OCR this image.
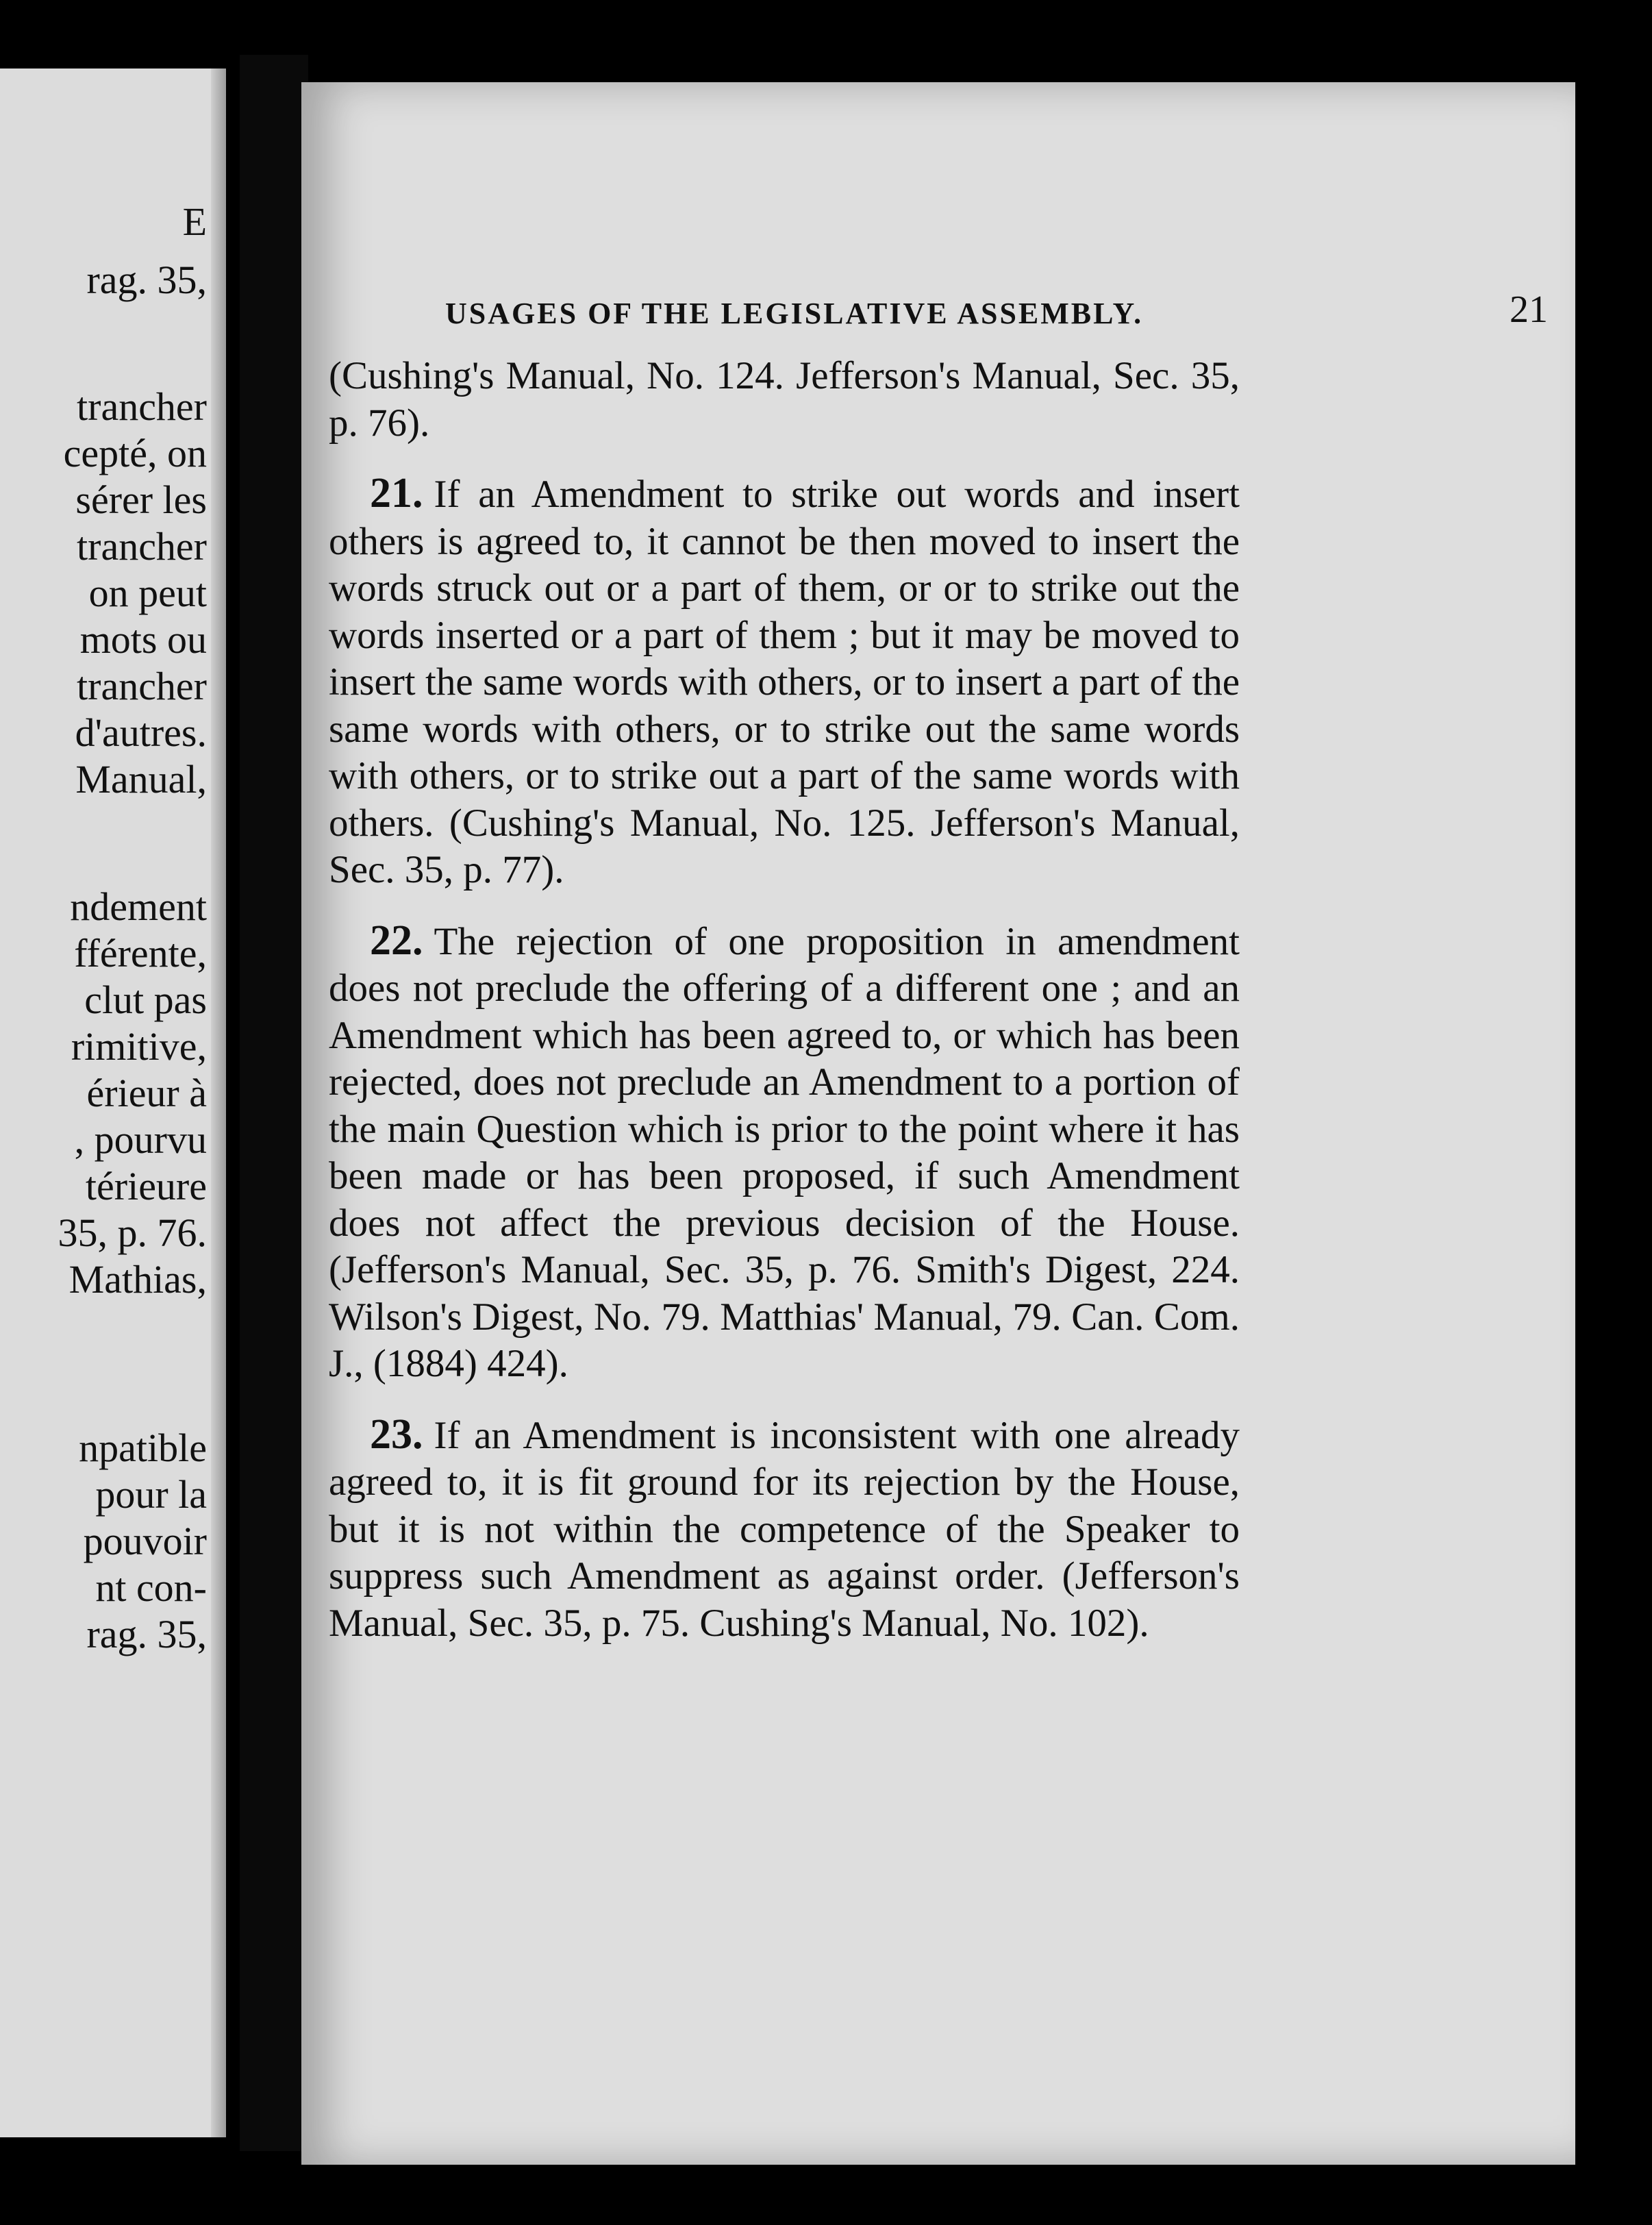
E
rag. 35,
trancher
cepté, on
sérer les
trancher
on peut
mots ou
trancher
d'autres.
Manual,
ndement
fférente,
clut pas
rimitive,
érieur à
, pourvu
térieure
35, p. 76.
Mathias,
npatible
pour la
pouvoir
nt con-
rag. 35,
USAGES OF THE LEGISLATIVE ASSEMBLY.	21

(Cushing's Manual, No. 124. Jefferson's Manual, Sec. 35, p. 76).

21. If an Amendment to strike out words and insert others is agreed to, it cannot be then moved to insert the words struck out or a part of them, or or to strike out the words inserted or a part of them ; but it may be moved to insert the same words with others, or to insert a part of the same words with others, or to strike out the same words with others, or to strike out a part of the same words with others. (Cushing's Manual, No. 125. Jefferson's Manual, Sec. 35, p. 77).

22. The rejection of one proposition in amendment does not preclude the offering of a different one ; and an Amendment which has been agreed to, or which has been rejected, does not preclude an Amendment to a portion of the main Question which is prior to the point where it has been made or has been proposed, if such Amendment does not affect the previous decision of the House. (Jefferson's Manual, Sec. 35, p. 76. Smith's Digest, 224. Wilson's Digest, No. 79. Matthias' Manual, 79. Can. Com. J., (1884) 424).

23. If an Amendment is inconsistent with one already agreed to, it is fit ground for its rejection by the House, but it is not within the competence of the Speaker to suppress such Amendment as against order. (Jefferson's Manual, Sec. 35, p. 75. Cushing's Manual, No. 102).
